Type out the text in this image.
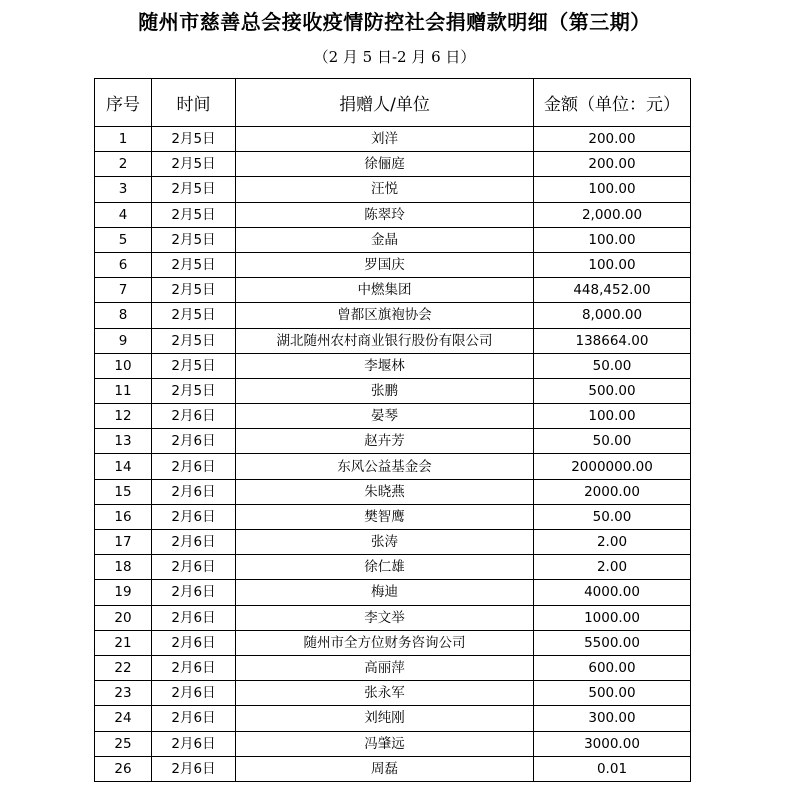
随州市慈善总会接收疫情防控社会捐赠款明细（第三期）
（2 月 5 日-2 月 6 日）
序号	时间	捐赠人/单位	金额（单位：元）
1	2月5日	刘洋	200.00
2	2月5日	徐俪庭	200.00
3	2月5日	汪悦	100.00
4	2月5日	陈翠玲	2,000.00
5	2月5日	金晶	100.00
6	2月5日	罗国庆	100.00
7	2月5日	中燃集团	448,452.00
8	2月5日	曾都区旗袍协会	8,000.00
9	2月5日	湖北随州农村商业银行股份有限公司	138664.00
10	2月5日	李堰林	50.00
11	2月5日	张鹏	500.00
12	2月6日	晏琴	100.00
13	2月6日	赵卉芳	50.00
14	2月6日	东风公益基金会	2000000.00
15	2月6日	朱晓燕	2000.00
16	2月6日	樊智鹰	50.00
17	2月6日	张涛	2.00
18	2月6日	徐仁雄	2.00
19	2月6日	梅迪	4000.00
20	2月6日	李文举	1000.00
21	2月6日	随州市全方位财务咨询公司	5500.00
22	2月6日	高丽萍	600.00
23	2月6日	张永军	500.00
24	2月6日	刘纯刚	300.00
25	2月6日	冯肇远	3000.00
26	2月6日	周磊	0.01
